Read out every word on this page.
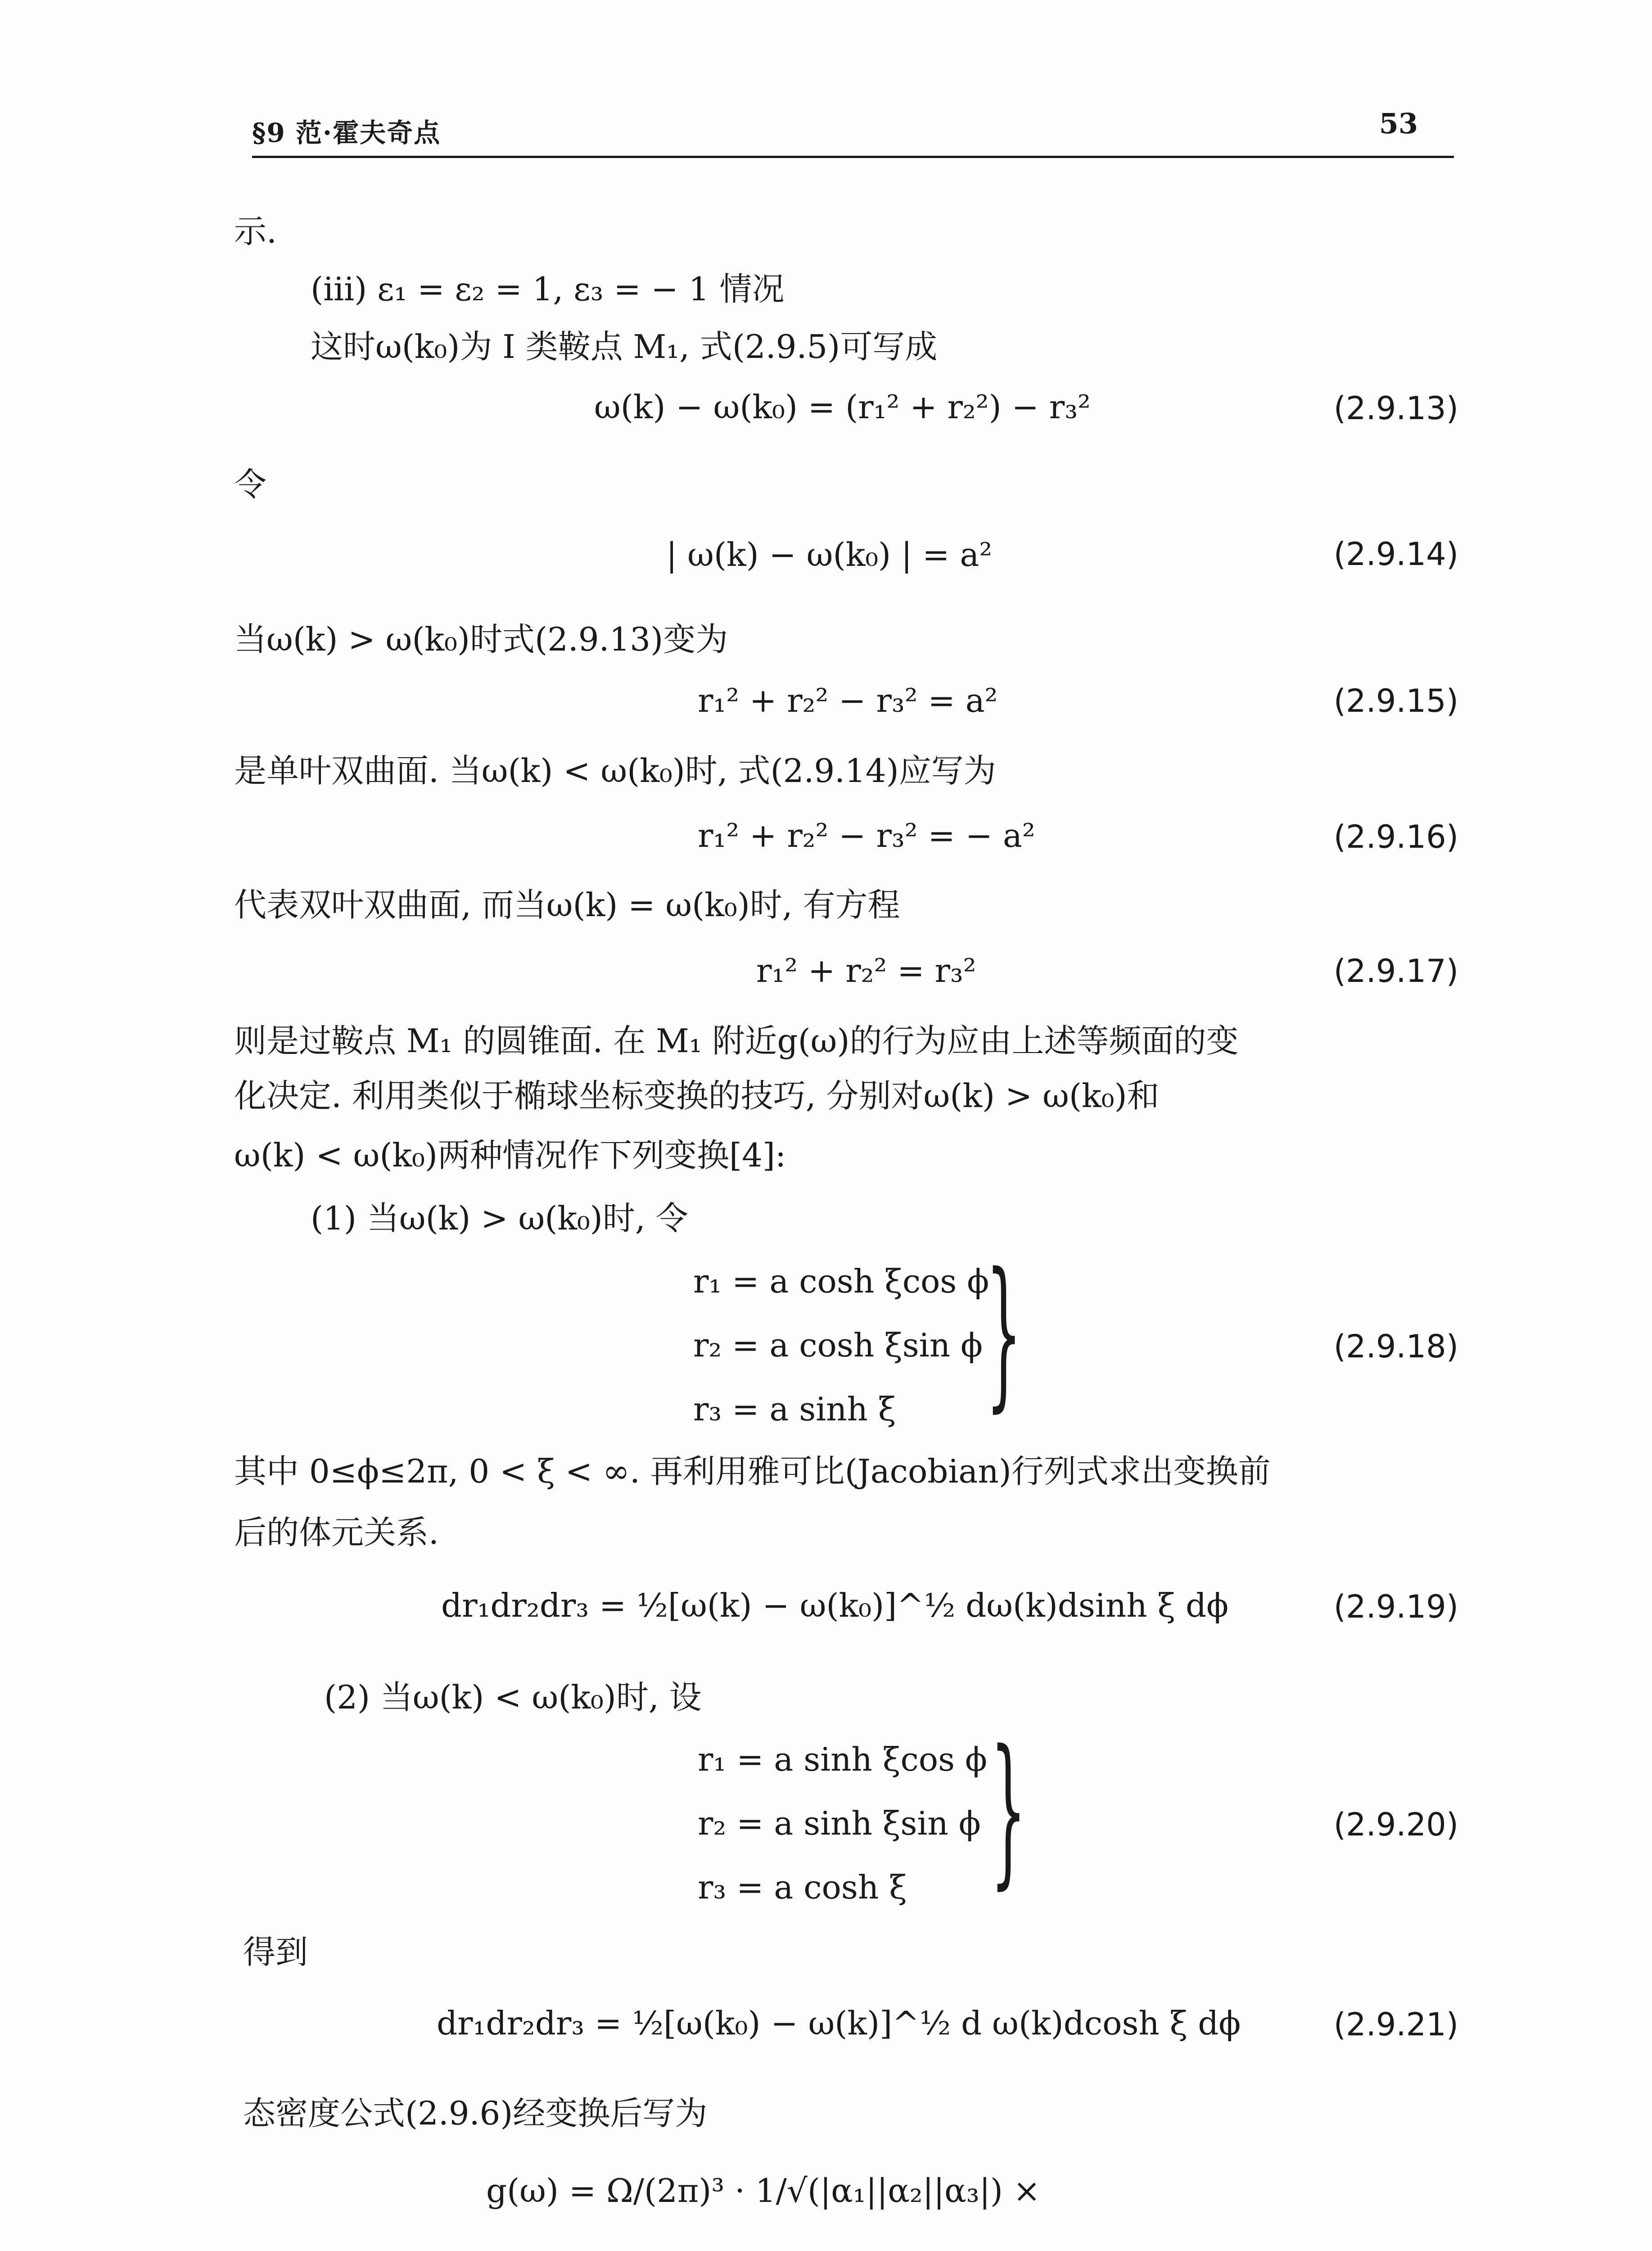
§9 范·霍夫奇点	53
示.
(iii) ε₁ = ε₂ = 1, ε₃ = − 1 情况
这时ω(k₀)为 Ⅰ 类鞍点 M₁, 式(2.9.5)可写成
ω(k) − ω(k₀) = (r₁² + r₂²) − r₃²	(2.9.13)
令
| ω(k) − ω(k₀) | = a²	(2.9.14)
当ω(k) > ω(k₀)时式(2.9.13)变为
r₁² + r₂² − r₃² = a²	(2.9.15)
是单叶双曲面. 当ω(k) < ω(k₀)时, 式(2.9.14)应写为
r₁² + r₂² − r₃² = − a²	(2.9.16)
代表双叶双曲面, 而当ω(k) = ω(k₀)时, 有方程
r₁² + r₂² = r₃²	(2.9.17)
则是过鞍点 M₁ 的圆锥面. 在 M₁ 附近g(ω)的行为应由上述等频面的变
化决定. 利用类似于椭球坐标变换的技巧, 分别对ω(k) > ω(k₀)和
ω(k) < ω(k₀)两种情况作下列变换[4]:
(1) 当ω(k) > ω(k₀)时, 令
r₁ = a cosh ξcos ϕ
r₂ = a cosh ξsin ϕ
r₃ = a sinh ξ }	(2.9.18)
其中 0≤ϕ≤2π, 0 < ξ < ∞. 再利用雅可比(Jacobian)行列式求出变换前
后的体元关系.
dr₁dr₂dr₃ = ½[ω(k) − ω(k₀)]^½ dω(k)dsinh ξ dϕ	(2.9.19)
(2) 当ω(k) < ω(k₀)时, 设
r₁ = a sinh ξcos ϕ
r₂ = a sinh ξsin ϕ
r₃ = a cosh ξ }	(2.9.20)
得到
dr₁dr₂dr₃ = ½[ω(k₀) − ω(k)]^½ d ω(k)dcosh ξ dϕ	(2.9.21)
态密度公式(2.9.6)经变换后写为
g(ω) = Ω/(2π)³ · 1/√(|α₁||α₂||α₃|) ×
